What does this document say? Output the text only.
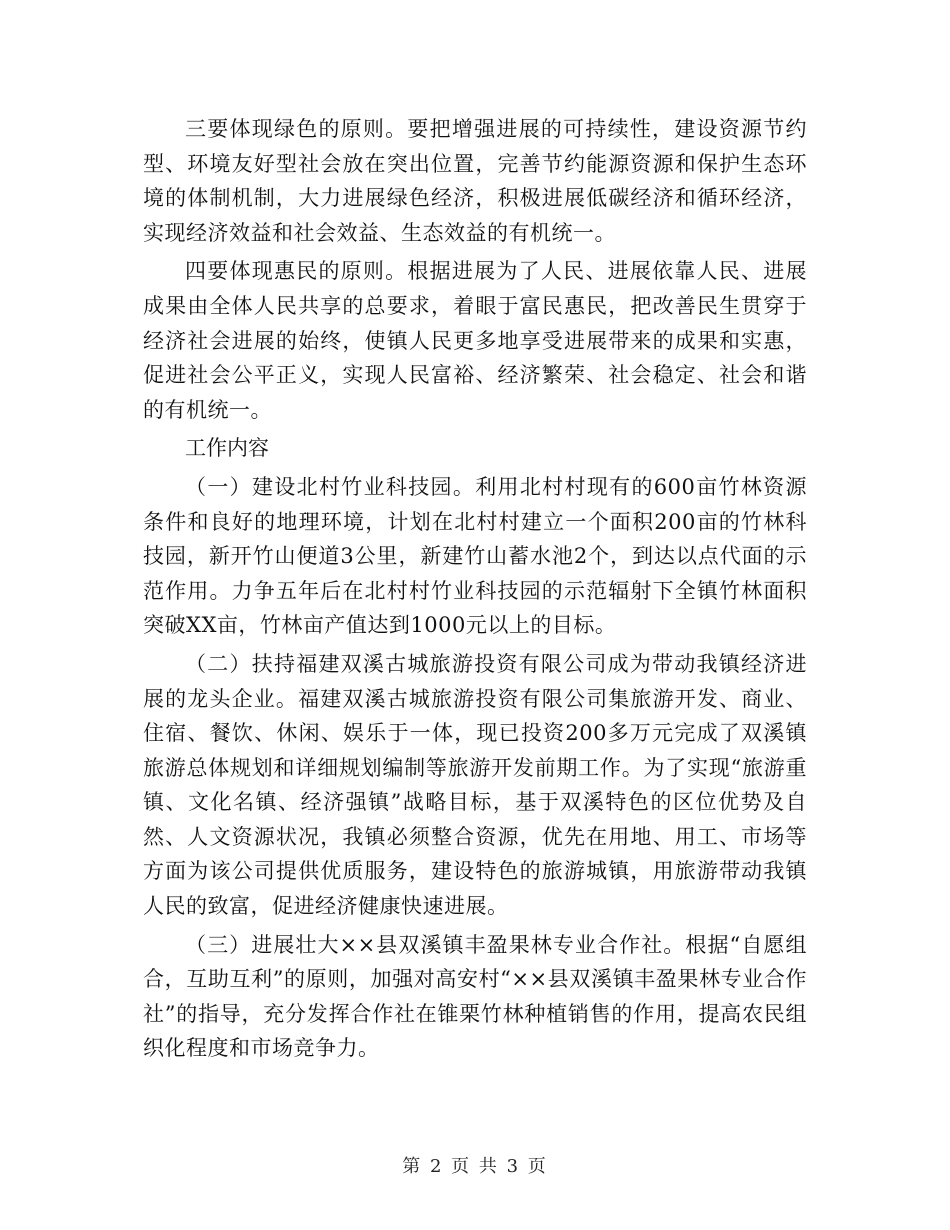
三要体现绿色的原则。要把增强进展的可持续性，建设资源节约型、环境友好型社会放在突出位置，完善节约能源资源和保护生态环境的体制机制，大力进展绿色经济，积极进展低碳经济和循环经济，实现经济效益和社会效益、生态效益的有机统一。

四要体现惠民的原则。根据进展为了人民、进展依靠人民、进展成果由全体人民共享的总要求，着眼于富民惠民，把改善民生贯穿于经济社会进展的始终，使镇人民更多地享受进展带来的成果和实惠，促进社会公平正义，实现人民富裕、经济繁荣、社会稳定、社会和谐的有机统一。

工作内容

（一）建设北村竹业科技园。利用北村村现有的600亩竹林资源条件和良好的地理环境，计划在北村村建立一个面积200亩的竹林科技园，新开竹山便道3公里，新建竹山蓄水池2个，到达以点代面的示范作用。力争五年后在北村村竹业科技园的示范辐射下全镇竹林面积突破XX亩，竹林亩产值达到1000元以上的目标。

（二）扶持福建双溪古城旅游投资有限公司成为带动我镇经济进展的龙头企业。福建双溪古城旅游投资有限公司集旅游开发、商业、住宿、餐饮、休闲、娱乐于一体，现已投资200多万元完成了双溪镇旅游总体规划和详细规划编制等旅游开发前期工作。为了实现“旅游重镇、文化名镇、经济强镇”战略目标，基于双溪特色的区位优势及自然、人文资源状况，我镇必须整合资源，优先在用地、用工、市场等方面为该公司提供优质服务，建设特色的旅游城镇，用旅游带动我镇人民的致富，促进经济健康快速进展。

（三）进展壮大××县双溪镇丰盈果林专业合作社。根据“自愿组合，互助互利”的原则，加强对高安村“××县双溪镇丰盈果林专业合作社”的指导，充分发挥合作社在锥栗竹林种植销售的作用，提高农民组织化程度和市场竞争力。

第 2 页 共 3 页
